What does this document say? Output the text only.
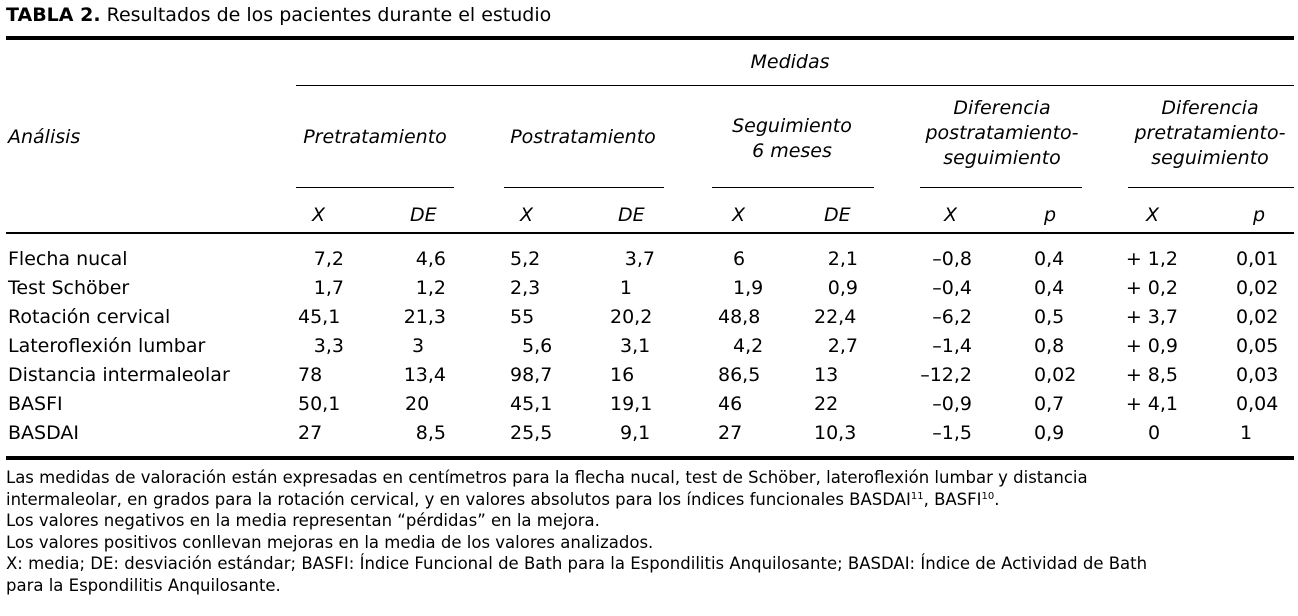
TABLA 2. Resultados de los pacientes durante el estudio
Medidas
Análisis	Pretratamiento	Postratamiento	Seguimiento
6 meses
Diferencia
postratamiento-
seguimiento
Diferencia
pretratamiento-
seguimiento
X	DE	X	DE	X	DE	X	p	X	p
Flecha nucal	7,2	4,6	5,2	3,7	6	2,1	–0,8	0,4	+ 1,2	0,01
Test Schöber	1,7	1,2	2,3	1	1,9	0,9	–0,4	0,4	+ 0,2	0,02
Rotación cervical	45,1	21,3	55	20,2	48,8	22,4	–6,2	0,5	+ 3,7	0,02
Lateroflexión lumbar	3,3	3	5,6	3,1	4,2	2,7	–1,4	0,8	+ 0,9	0,05
Distancia intermaleolar	78	13,4	98,7	16	86,5	13	–12,2	0,02	+ 8,5	0,03
BASFI	50,1	20	45,1	19,1	46	22	–0,9	0,7	+ 4,1	0,04
BASDAI	27	8,5	25,5	9,1	27	10,3	–1,5	0,9	0	1
Las medidas de valoración están expresadas en centímetros para la flecha nucal, test de Schöber, lateroflexión lumbar y distancia
intermaleolar, en grados para la rotación cervical, y en valores absolutos para los índices funcionales BASDAI$^{11}$, BASFI$^{10}$.
Los valores negativos en la media representan “pérdidas” en la mejora.
Los valores positivos conllevan mejoras en la media de los valores analizados.
X: media; DE: desviación estándar; BASFI: Índice Funcional de Bath para la Espondilitis Anquilosante; BASDAI: Índice de Actividad de Bath
para la Espondilitis Anquilosante.
